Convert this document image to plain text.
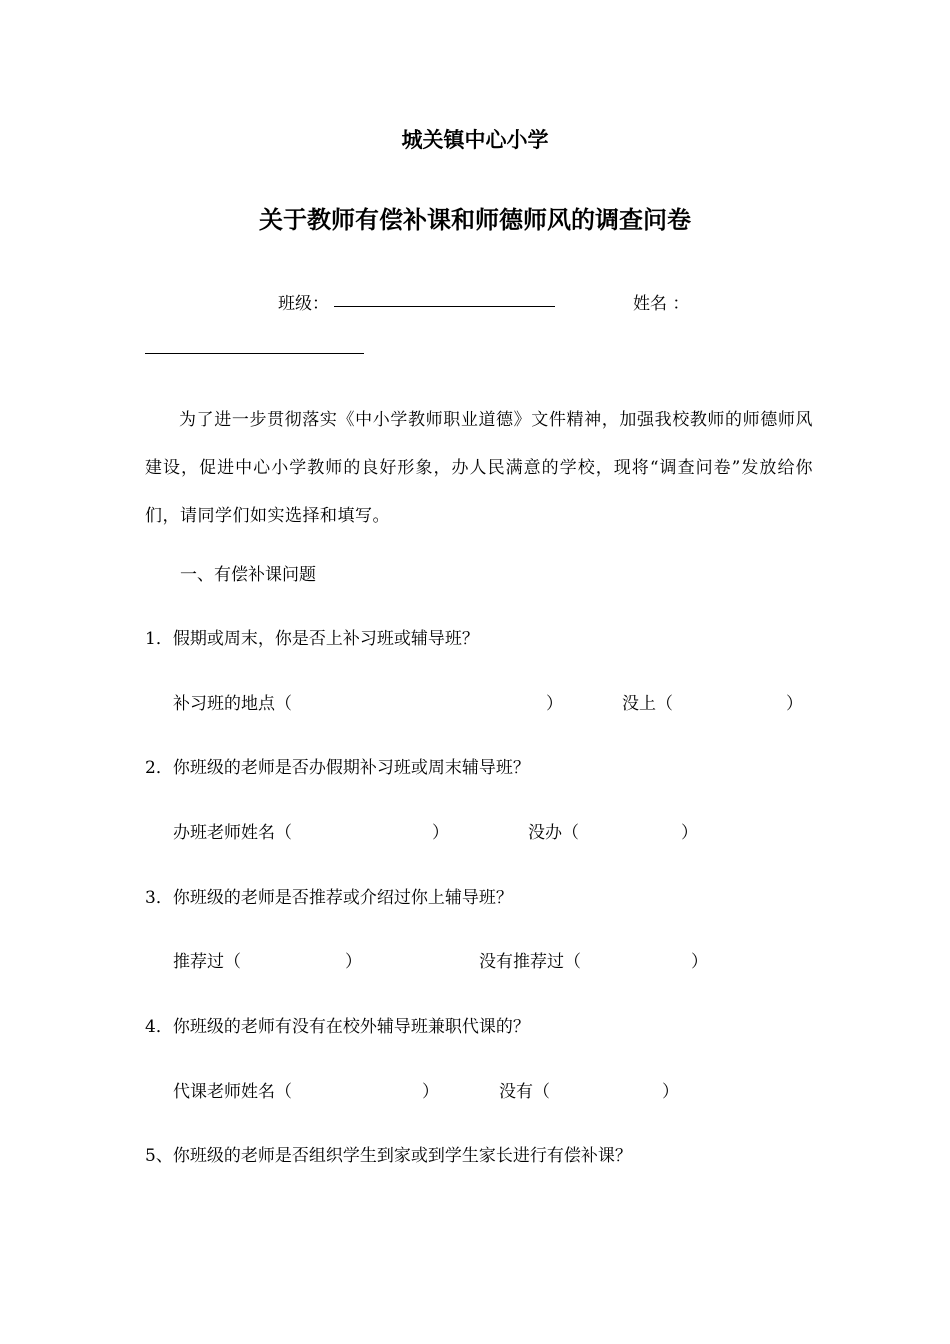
城关镇中心小学
关于教师有偿补课和师德师风的调查问卷
班级：	姓名 ：
为了进一步贯彻落实《中小学教师职业道德》文件精神，加强我校教师的师德师风建设，促进中心小学教师的良好形象，办人民满意的学校，现将“调查问卷”发放给你们，请同学们如实选择和填写。
一、有偿补课问题
1．假期或周末，你是否上补习班或辅导班？
补习班的地点（	）	没上（	）
2．你班级的老师是否办假期补习班或周末辅导班？
办班老师姓名（	）	没办（	）
3．你班级的老师是否推荐或介绍过你上辅导班？
推荐过（	）	没有推荐过（	）
4．你班级的老师有没有在校外辅导班兼职代课的？
代课老师姓名（	）	没有（	）
5、你班级的老师是否组织学生到家或到学生家长进行有偿补课？
